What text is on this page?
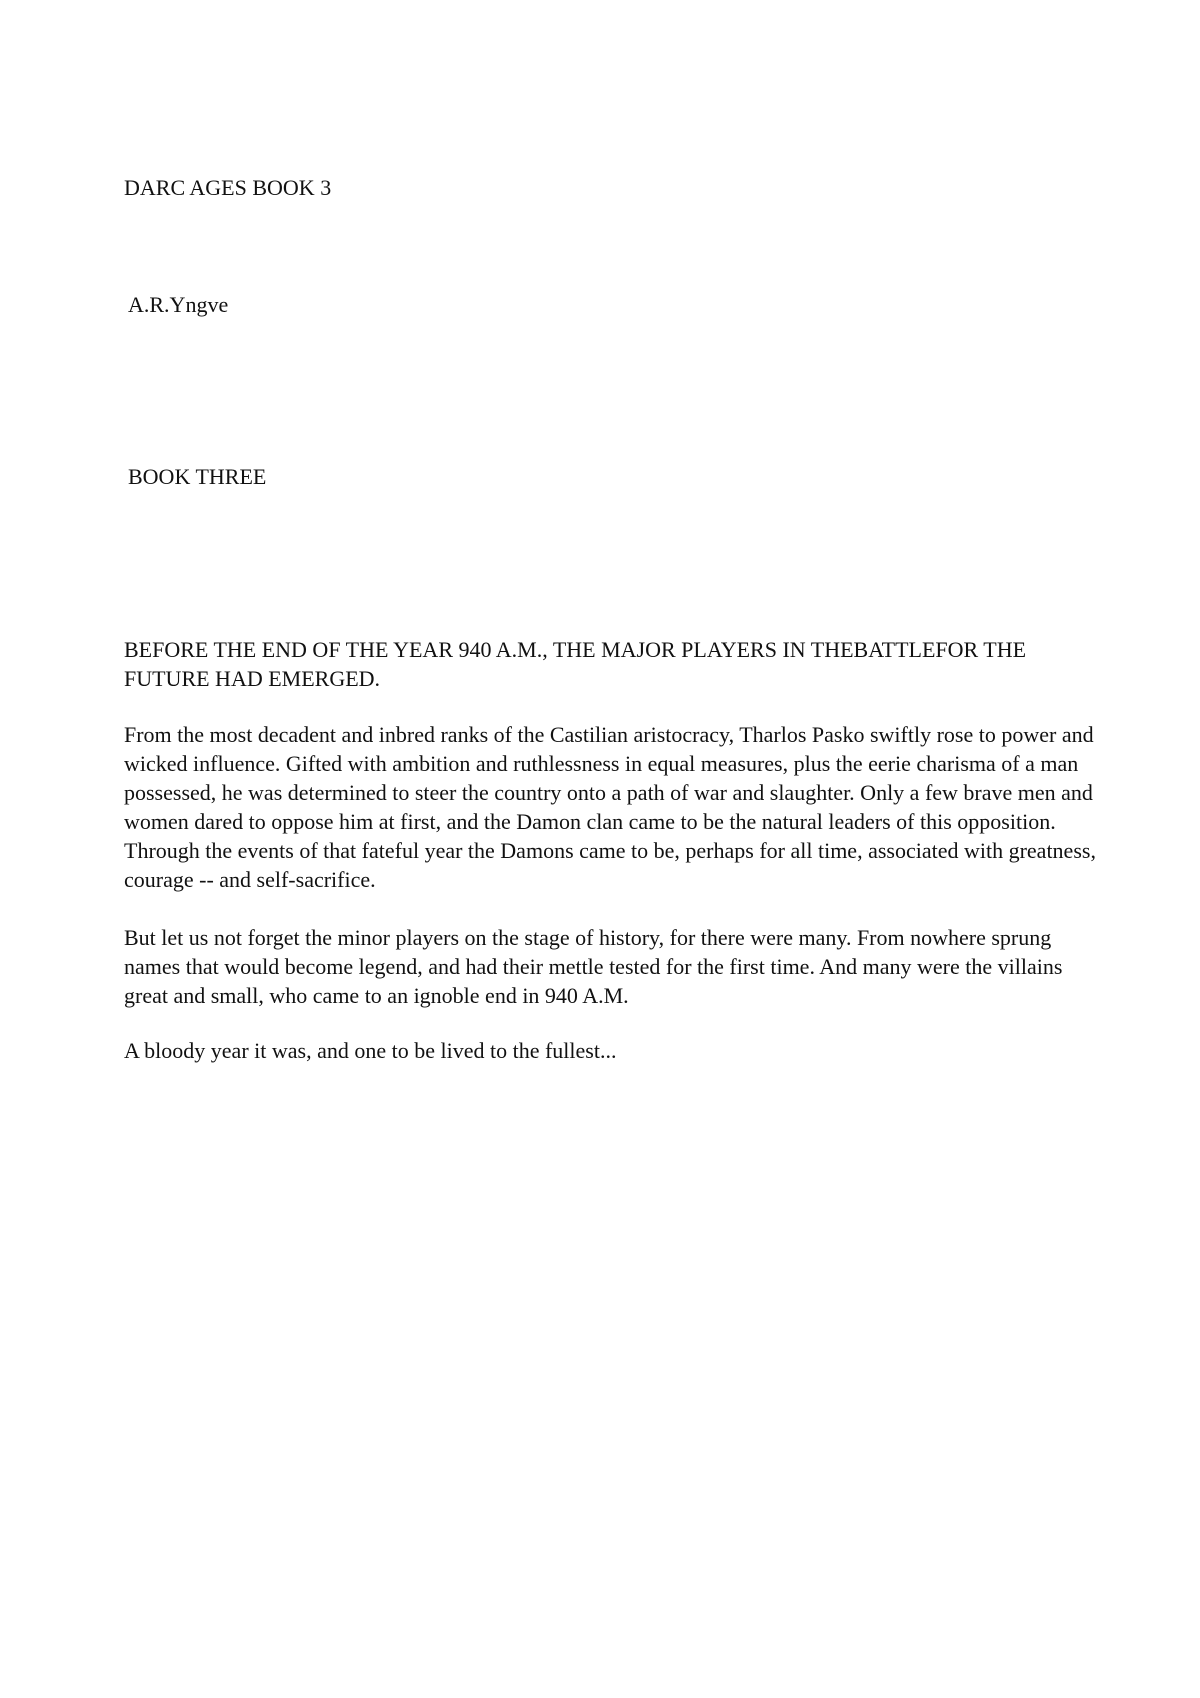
DARC AGES BOOK 3

A.R.Yngve

BOOK THREE

BEFORE THE END OF THE YEAR 940 A.M., THE MAJOR PLAYERS IN THEBATTLEFOR THE FUTURE HAD EMERGED.

From the most decadent and inbred ranks of the Castilian aristocracy, Tharlos Pasko swiftly rose to power and wicked influence. Gifted with ambition and ruthlessness in equal measures, plus the eerie charisma of a man possessed, he was determined to steer the country onto a path of war and slaughter. Only a few brave men and women dared to oppose him at first, and the Damon clan came to be the natural leaders of this opposition. Through the events of that fateful year the Damons came to be, perhaps for all time, associated with greatness, courage -- and self-sacrifice.

But let us not forget the minor players on the stage of history, for there were many. From nowhere sprung names that would become legend, and had their mettle tested for the first time. And many were the villains great and small, who came to an ignoble end in 940 A.M.

A bloody year it was, and one to be lived to the fullest...
